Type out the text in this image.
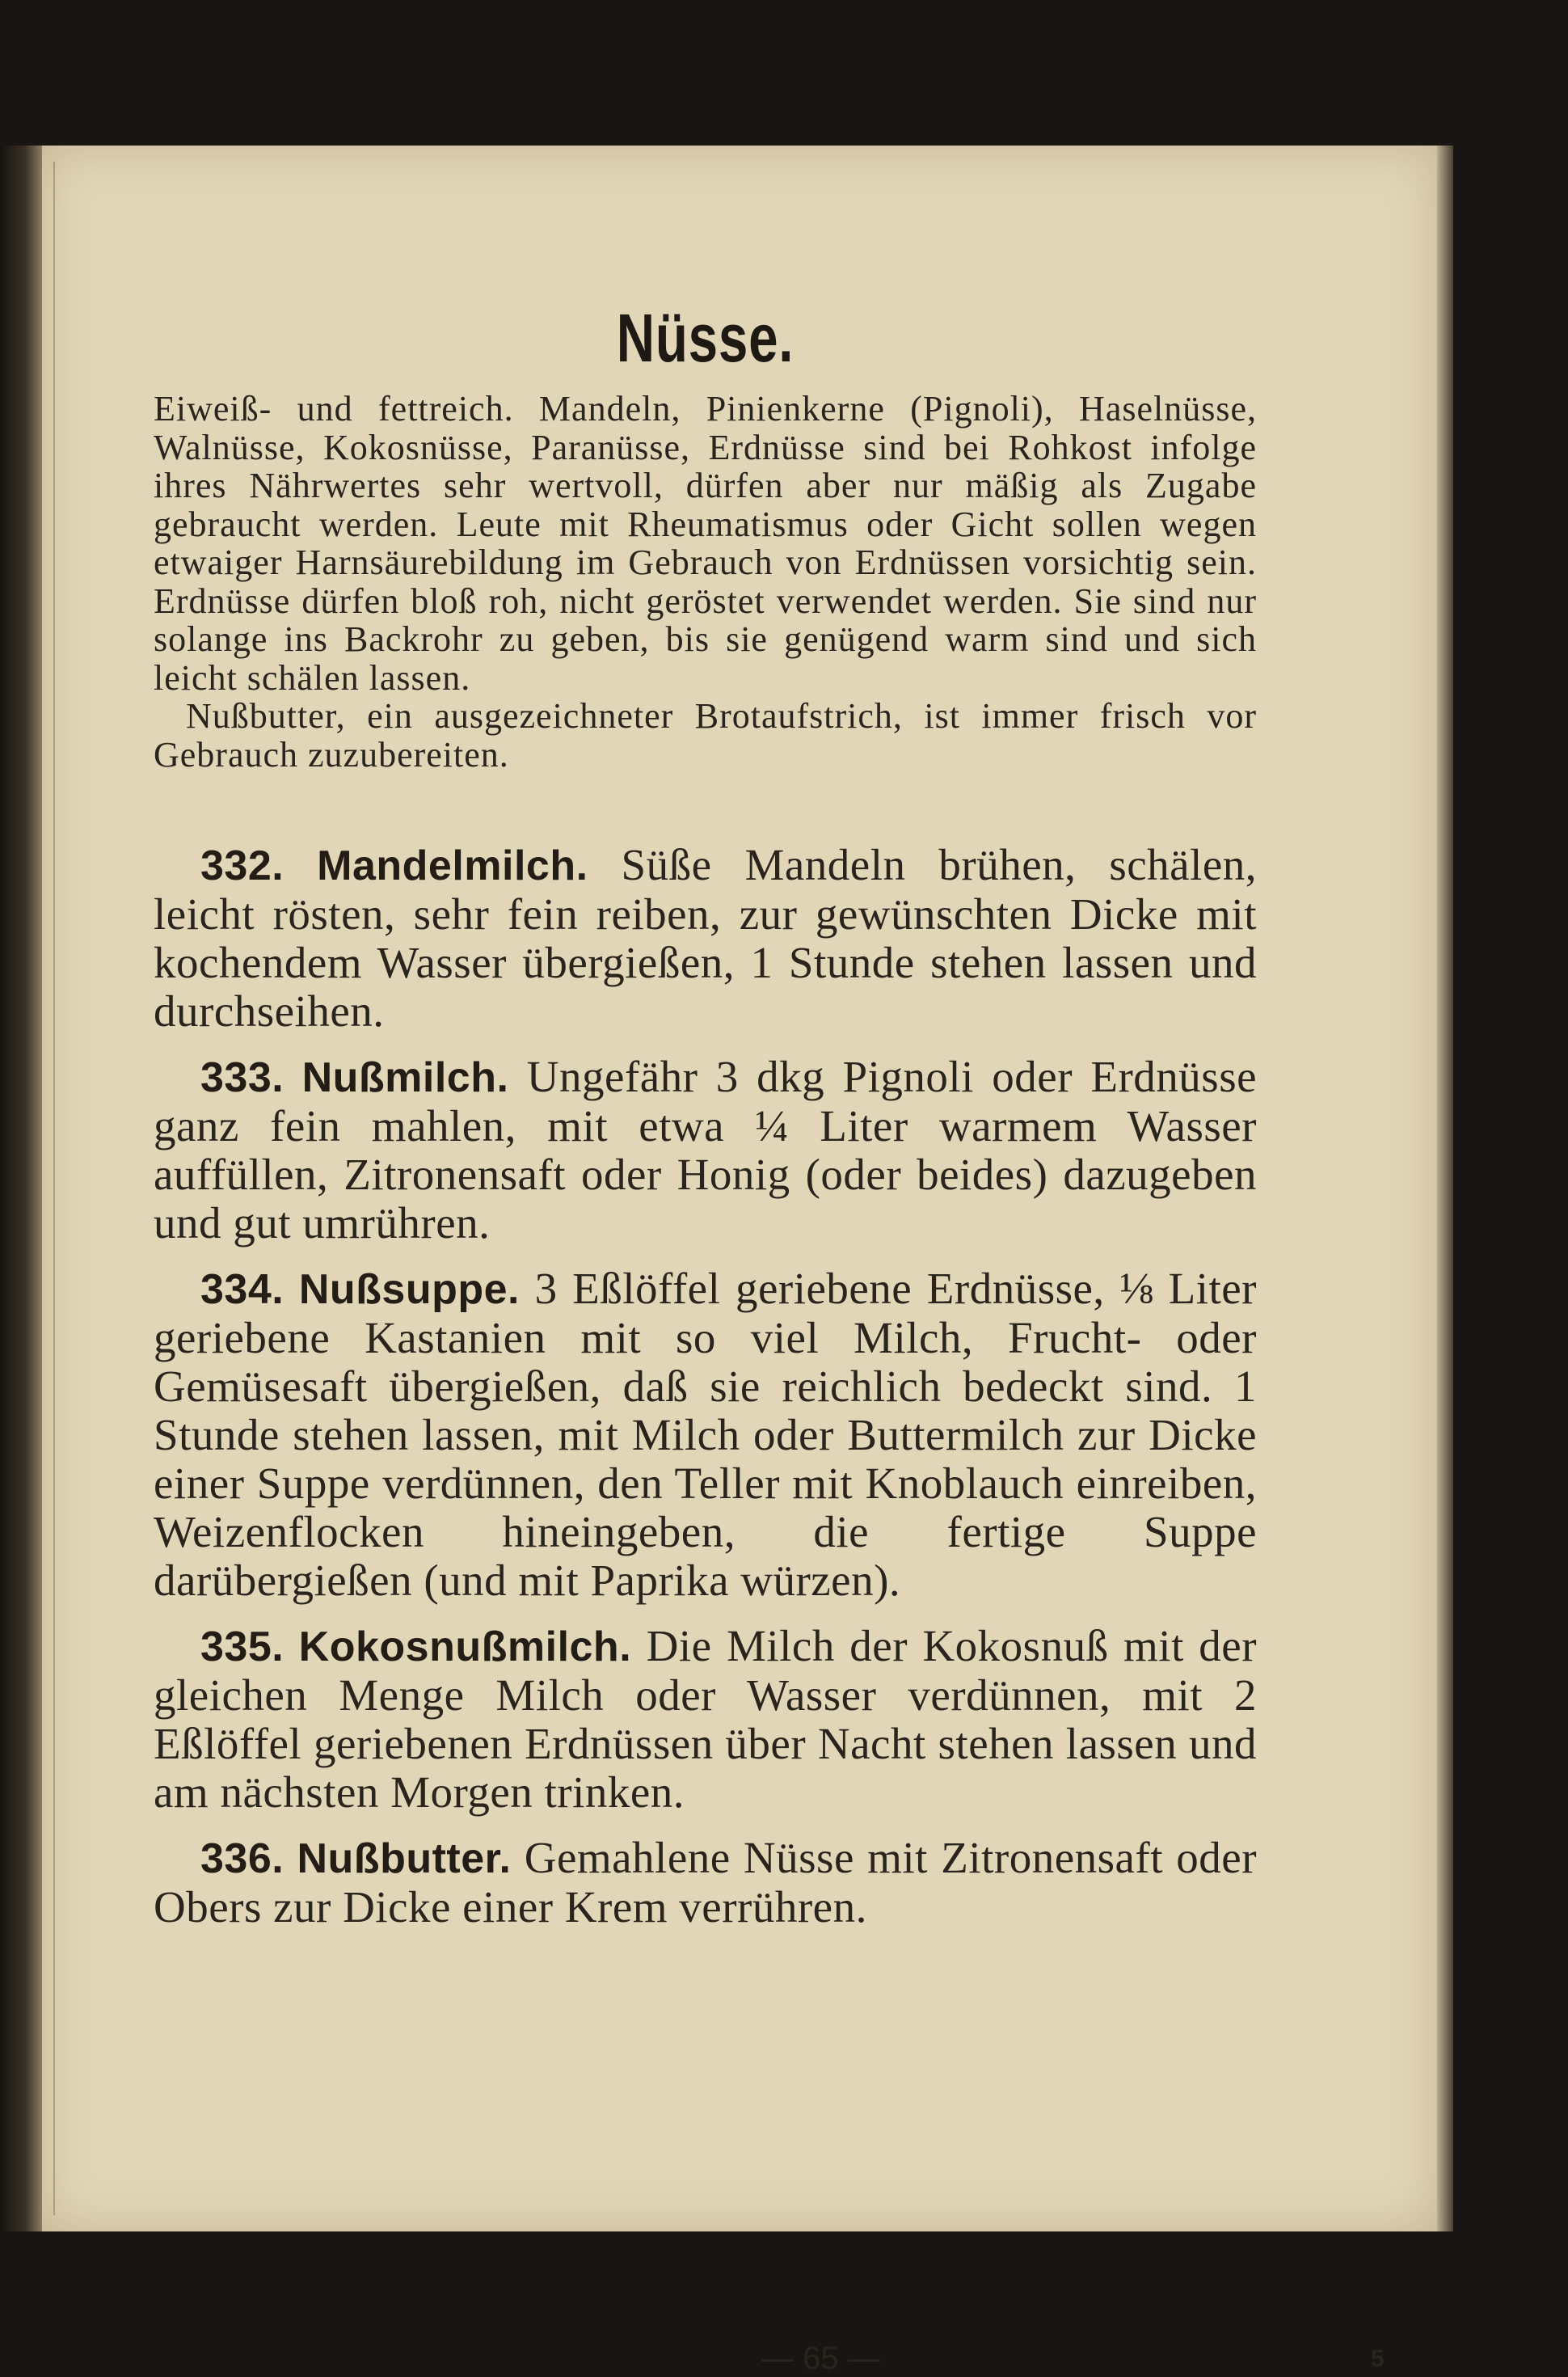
Nüsse.

Eiweiß- und fettreich. Mandeln, Pinienkerne (Pignoli), Haselnüsse, Walnüsse, Kokosnüsse, Paranüsse, Erdnüsse sind bei Rohkost infolge ihres Nährwertes sehr wertvoll, dürfen aber nur mäßig als Zugabe gebraucht werden. Leute mit Rheumatismus oder Gicht sollen wegen etwaiger Harnsäurebildung im Gebrauch von Erdnüssen vorsichtig sein. Erdnüsse dürfen bloß roh, nicht geröstet verwendet werden. Sie sind nur solange ins Backrohr zu geben, bis sie genügend warm sind und sich leicht schälen lassen.

Nußbutter, ein ausgezeichneter Brotaufstrich, ist immer frisch vor Gebrauch zuzubereiten.

332. Mandelmilch. Süße Mandeln brühen, schälen, leicht rösten, sehr fein reiben, zur gewünschten Dicke mit kochendem Wasser übergießen, 1 Stunde stehen lassen und durchseihen.

333. Nußmilch. Ungefähr 3 dkg Pignoli oder Erdnüsse ganz fein mahlen, mit etwa ¼ Liter warmem Wasser auffüllen, Zitronensaft oder Honig (oder beides) dazugeben und gut umrühren.

334. Nußsuppe. 3 Eßlöffel geriebene Erdnüsse, ⅛ Liter geriebene Kastanien mit so viel Milch, Frucht- oder Gemüsesaft übergießen, daß sie reichlich bedeckt sind. 1 Stunde stehen lassen, mit Milch oder Buttermilch zur Dicke einer Suppe verdünnen, den Teller mit Knoblauch einreiben, Weizenflocken hineingeben, die fertige Suppe darübergießen (und mit Paprika würzen).

335. Kokosnußmilch. Die Milch der Kokosnuß mit der gleichen Menge Milch oder Wasser verdünnen, mit 2 Eßlöffel geriebenen Erdnüssen über Nacht stehen lassen und am nächsten Morgen trinken.

336. Nußbutter. Gemahlene Nüsse mit Zitronensaft oder Obers zur Dicke einer Krem verrühren.

— 65 —	5
